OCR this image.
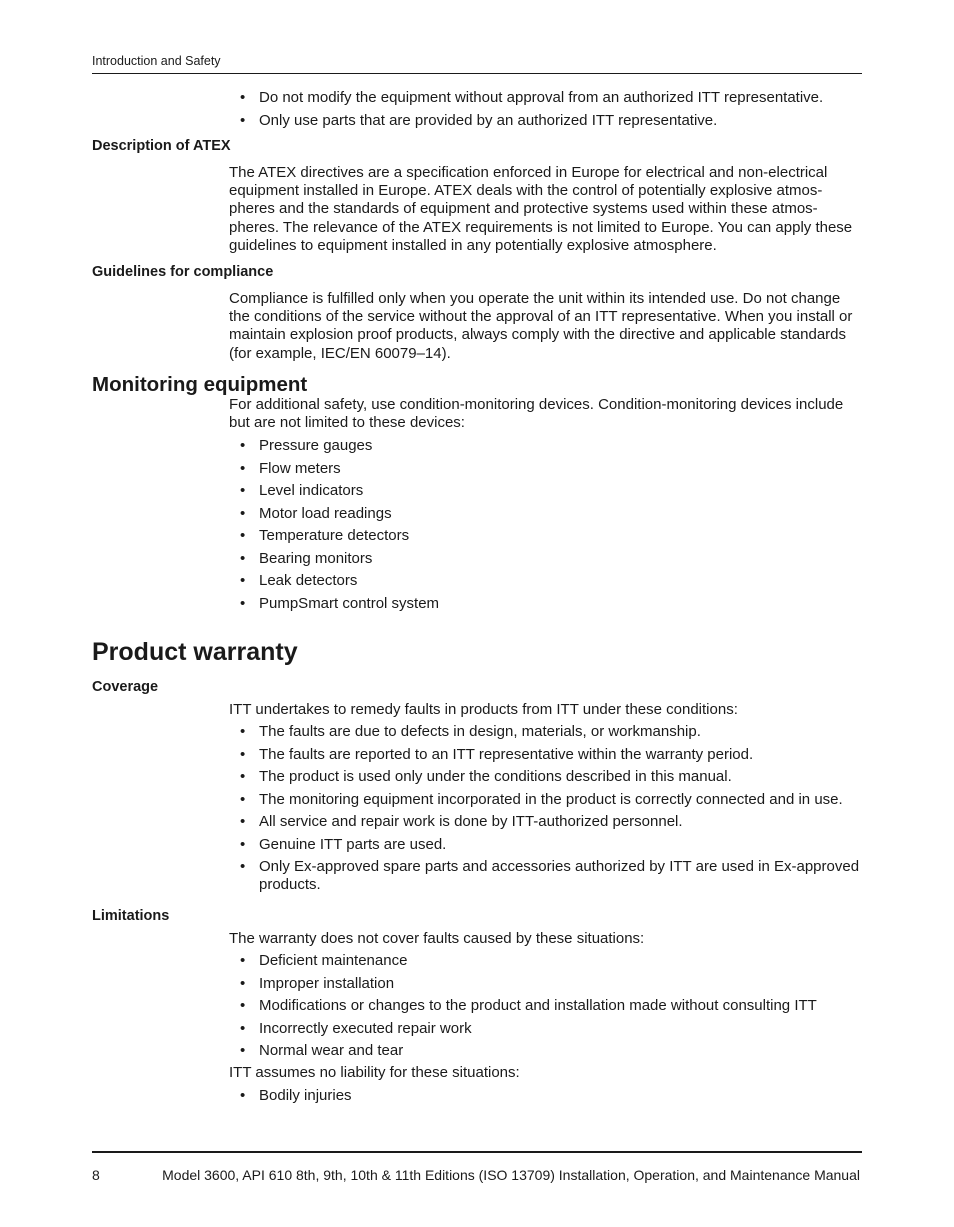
Introduction and Safety
• Do not modify the equipment without approval from an authorized ITT representative.
• Only use parts that are provided by an authorized ITT representative.
Description of ATEX

The ATEX directives are a specification enforced in Europe for electrical and non-electrical equipment installed in Europe. ATEX deals with the control of potentially explosive atmos-pheres and the standards of equipment and protective systems used within these atmos-pheres. The relevance of the ATEX requirements is not limited to Europe. You can apply these guidelines to equipment installed in any potentially explosive atmosphere.

Guidelines for compliance

Compliance is fulfilled only when you operate the unit within its intended use. Do not change the conditions of the service without the approval of an ITT representative. When you install or maintain explosion proof products, always comply with the directive and applicable standards (for example, IEC/EN 60079–14).

Monitoring equipment

For additional safety, use condition-monitoring devices. Condition-monitoring devices include but are not limited to these devices:

• Pressure gauges
• Flow meters
• Level indicators
• Motor load readings
• Temperature detectors
• Bearing monitors
• Leak detectors
• PumpSmart control system
Product warranty
Coverage

ITT undertakes to remedy faults in products from ITT under these conditions:

• The faults are due to defects in design, materials, or workmanship.
• The faults are reported to an ITT representative within the warranty period.
• The product is used only under the conditions described in this manual.
• The monitoring equipment incorporated in the product is correctly connected and in use.
• All service and repair work is done by ITT-authorized personnel.
• Genuine ITT parts are used.
• Only Ex-approved spare parts and accessories authorized by ITT are used in Ex-approved products.
Limitations

The warranty does not cover faults caused by these situations:

• Deficient maintenance
• Improper installation
• Modifications or changes to the product and installation made without consulting ITT
• Incorrectly executed repair work
• Normal wear and tear

ITT assumes no liability for these situations:

• Bodily injuries
8	Model 3600, API 610 8th, 9th, 10th & 11th Editions (ISO 13709) Installation, Operation, and Maintenance Manual
